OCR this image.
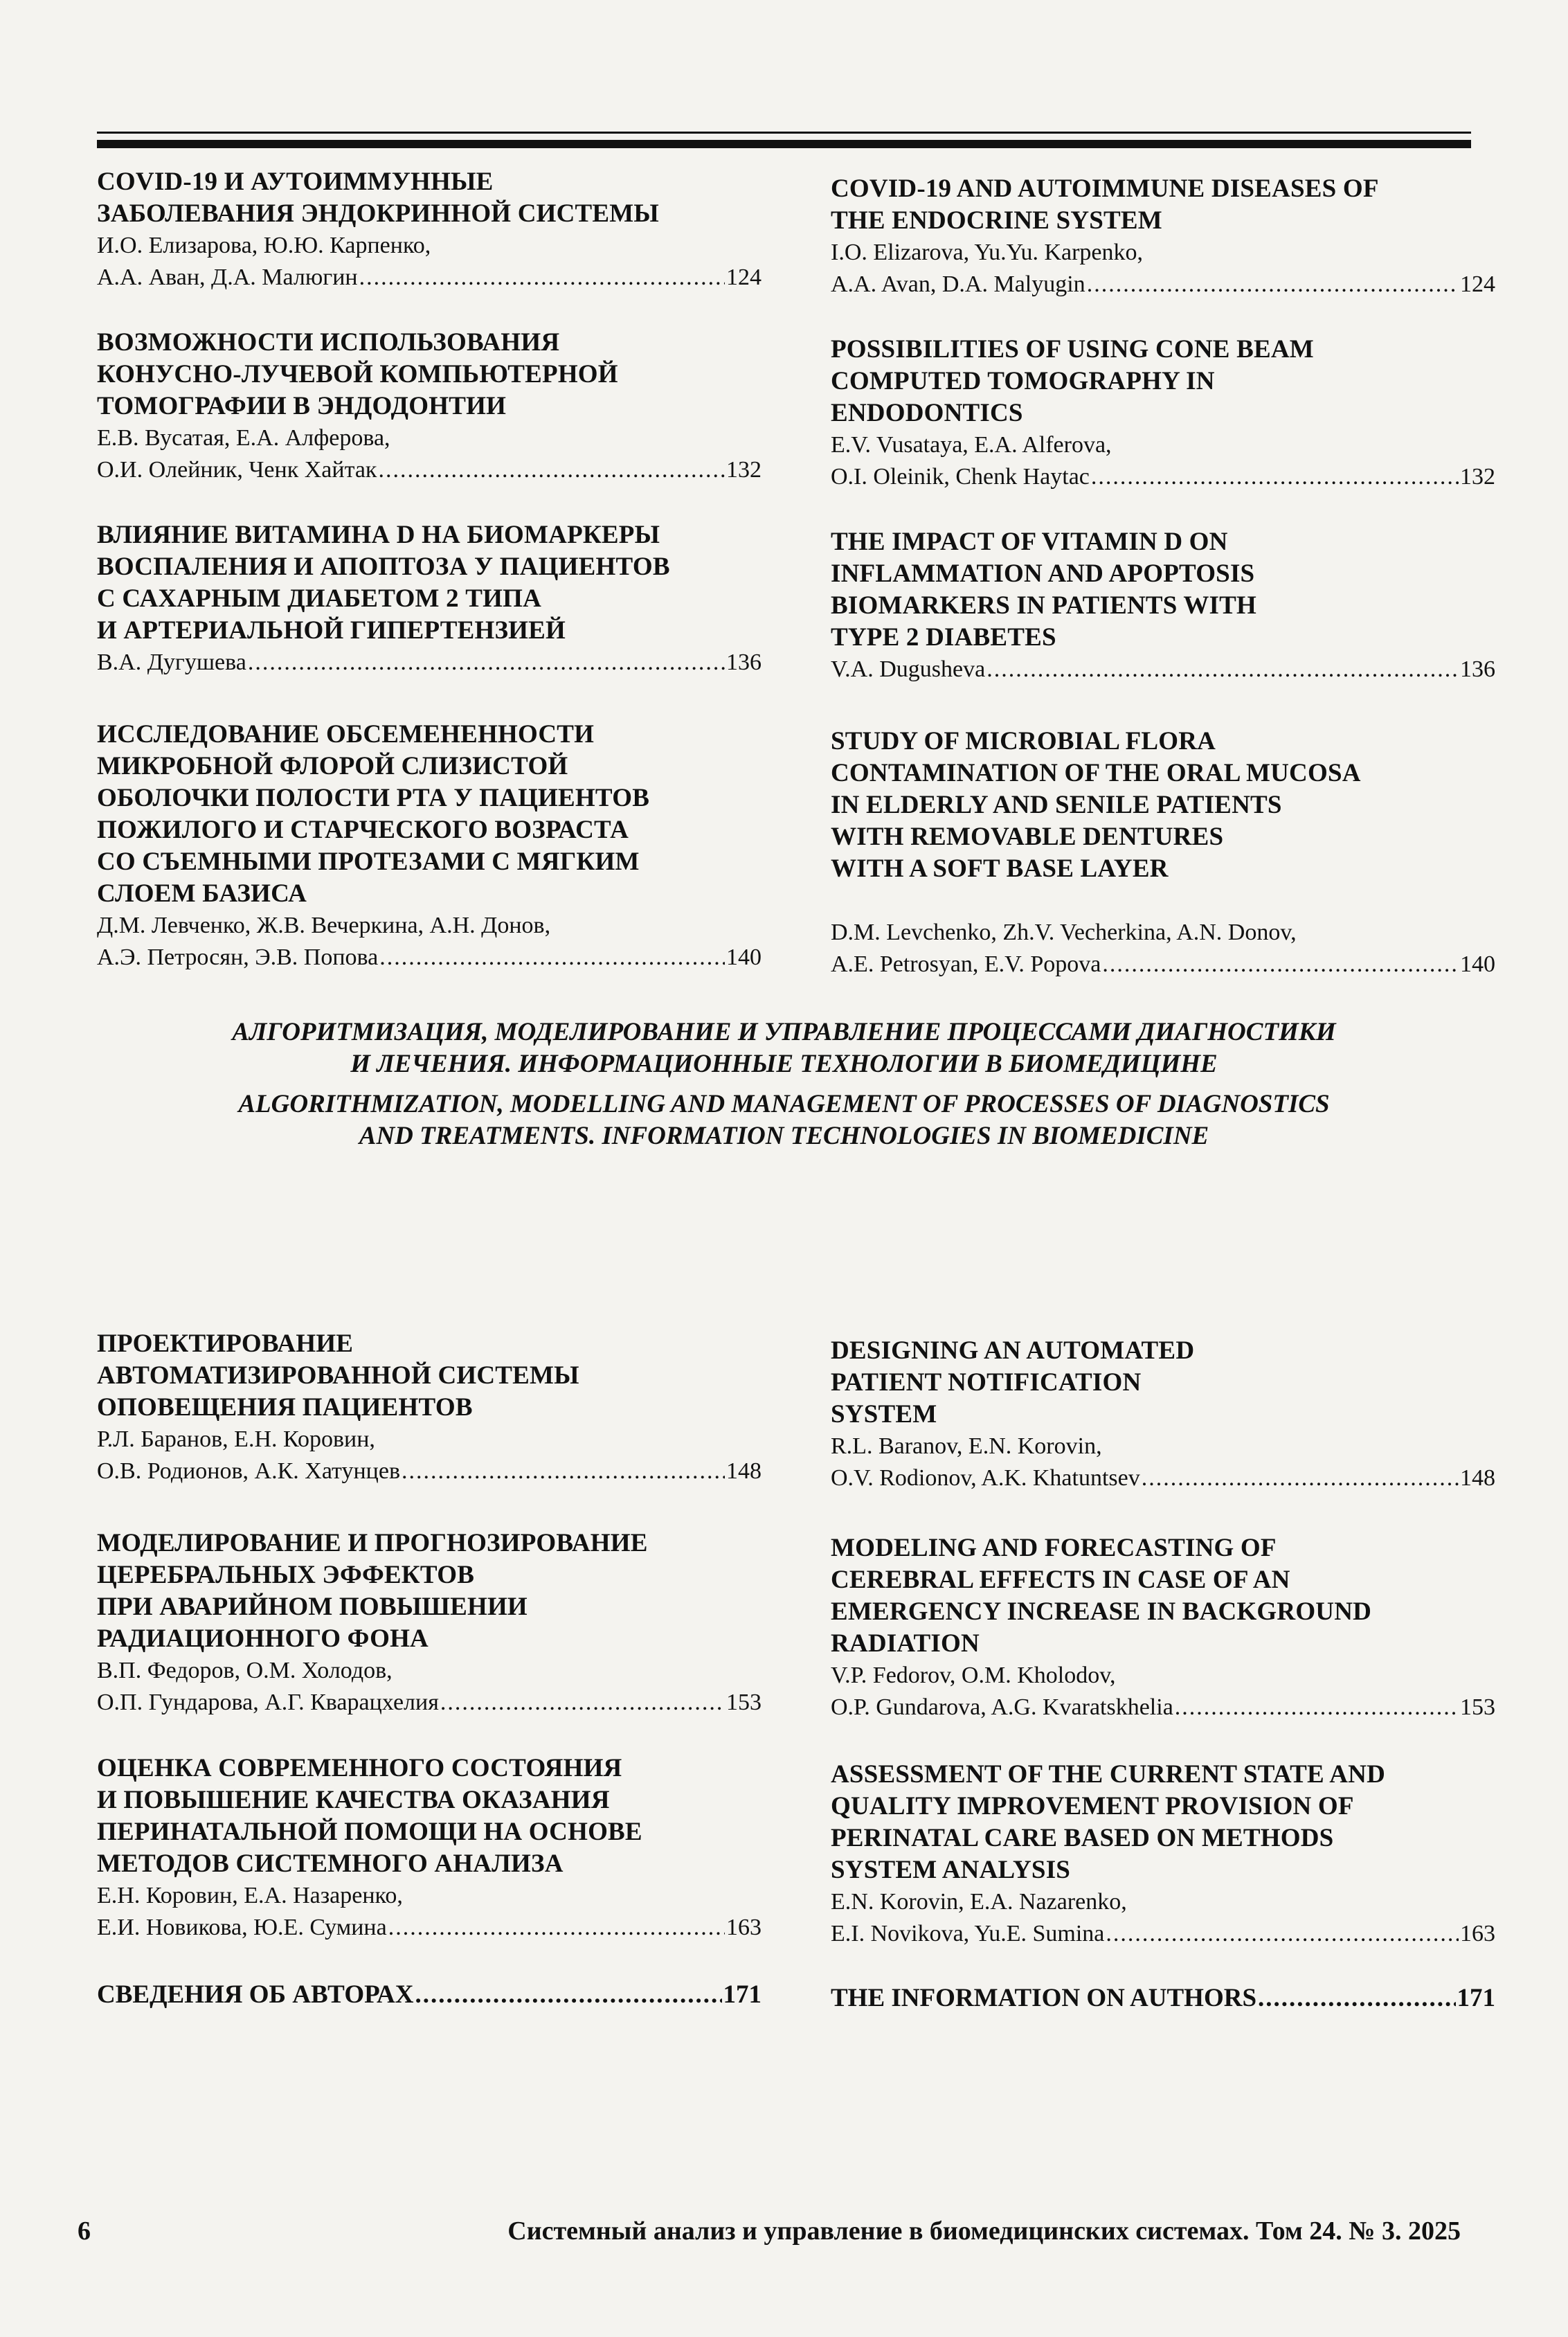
COVID-19 И АУТОИММУННЫЕ
ЗАБОЛЕВАНИЯ ЭНДОКРИННОЙ СИСТЕМЫ
И.О. Елизарова, Ю.Ю. Карпенко,
А.А. Аван, Д.А. Малюгин .....	124
ВОЗМОЖНОСТИ ИСПОЛЬЗОВАНИЯ
КОНУСНО-ЛУЧЕВОЙ КОМПЬЮТЕРНОЙ
ТОМОГРАФИИ В ЭНДОДОНТИИ
Е.В. Вусатая, Е.А. Алферова,
О.И. Олейник, Ченк Хайтак .....	132
ВЛИЯНИЕ ВИТАМИНА D НА БИОМАРКЕРЫ
ВОСПАЛЕНИЯ И АПОПТОЗА У ПАЦИЕНТОВ
С САХАРНЫМ ДИАБЕТОМ 2 ТИПА
И АРТЕРИАЛЬНОЙ ГИПЕРТЕНЗИЕЙ
В.А. Дугушева .....	136
ИССЛЕДОВАНИЕ ОБСЕМЕНЕННОСТИ
МИКРОБНОЙ ФЛОРОЙ СЛИЗИСТОЙ
ОБОЛОЧКИ ПОЛОСТИ РТА У ПАЦИЕНТОВ
ПОЖИЛОГО И СТАРЧЕСКОГО ВОЗРАСТА
СО СЪЕМНЫМИ ПРОТЕЗАМИ С МЯГКИМ
СЛОЕМ БАЗИСА
Д.М. Левченко, Ж.В. Вечеркина, А.Н. Донов,
А.Э. Петросян, Э.В. Попова .....	140
ПРОЕКТИРОВАНИЕ
АВТОМАТИЗИРОВАННОЙ СИСТЕМЫ
ОПОВЕЩЕНИЯ ПАЦИЕНТОВ
Р.Л. Баранов, Е.Н. Коровин,
О.В. Родионов, А.К. Хатунцев .....	148
МОДЕЛИРОВАНИЕ И ПРОГНОЗИРОВАНИЕ
ЦЕРЕБРАЛЬНЫХ ЭФФЕКТОВ
ПРИ АВАРИЙНОМ ПОВЫШЕНИИ
РАДИАЦИОННОГО ФОНА
В.П. Федоров, О.М. Холодов,
О.П. Гундарова, А.Г. Кварацхелия .....	153
ОЦЕНКА СОВРЕМЕННОГО СОСТОЯНИЯ
И ПОВЫШЕНИЕ КАЧЕСТВА ОКАЗАНИЯ
ПЕРИНАТАЛЬНОЙ ПОМОЩИ НА ОСНОВЕ
МЕТОДОВ СИСТЕМНОГО АНАЛИЗА
Е.Н. Коровин, Е.А. Назаренко,
Е.И. Новикова, Ю.Е. Сумина .....	163
СВЕДЕНИЯ ОБ АВТОРАХ .....	171
COVID-19 AND AUTOIMMUNE DISEASES OF
THE ENDOCRINE SYSTEM
I.O. Elizarova, Yu.Yu. Karpenko,
A.A. Avan, D.A. Malyugin .....	124
POSSIBILITIES OF USING CONE BEAM
COMPUTED TOMOGRAPHY IN
ENDODONTICS
E.V. Vusataya, E.A. Alferova,
O.I. Oleinik, Chenk Haytac .....	132
THE IMPACT OF VITAMIN D ON
INFLAMMATION AND APOPTOSIS
BIOMARKERS IN PATIENTS WITH
TYPE 2 DIABETES
V.A. Dugusheva .....	136
STUDY OF MICROBIAL FLORA
CONTAMINATION OF THE ORAL MUCOSA
IN ELDERLY AND SENILE PATIENTS
WITH REMOVABLE DENTURES
WITH A SOFT BASE LAYER
D.M. Levchenko, Zh.V. Vecherkina, A.N. Donov,
A.E. Petrosyan, E.V. Popova .....	140
DESIGNING AN AUTOMATED
PATIENT NOTIFICATION
SYSTEM
R.L. Baranov, E.N. Korovin,
O.V. Rodionov, A.K. Khatuntsev .....	148
MODELING AND FORECASTING OF
CEREBRAL EFFECTS IN CASE OF AN
EMERGENCY INCREASE IN BACKGROUND
RADIATION
V.P. Fedorov, O.M. Kholodov,
O.P. Gundarova, A.G. Kvaratskhelia .....	153
ASSESSMENT OF THE CURRENT STATE AND
QUALITY IMPROVEMENT PROVISION OF
PERINATAL CARE BASED ON METHODS
SYSTEM ANALYSIS
E.N. Korovin, E.A. Nazarenko,
E.I. Novikova, Yu.E. Sumina .....	163
THE INFORMATION ON AUTHORS .....	171
АЛГОРИТМИЗАЦИЯ, МОДЕЛИРОВАНИЕ И УПРАВЛЕНИЕ ПРОЦЕССАМИ ДИАГНОСТИКИ
И ЛЕЧЕНИЯ. ИНФОРМАЦИОННЫЕ ТЕХНОЛОГИИ В БИОМЕДИЦИНЕ
ALGORITHMIZATION, MODELLING AND MANAGEMENT OF PROCESSES OF DIAGNOSTICS
AND TREATMENTS. INFORMATION TECHNOLOGIES IN BIOMEDICINE
6	Системный анализ и управление в биомедицинских системах. Том 24. № 3. 2025
